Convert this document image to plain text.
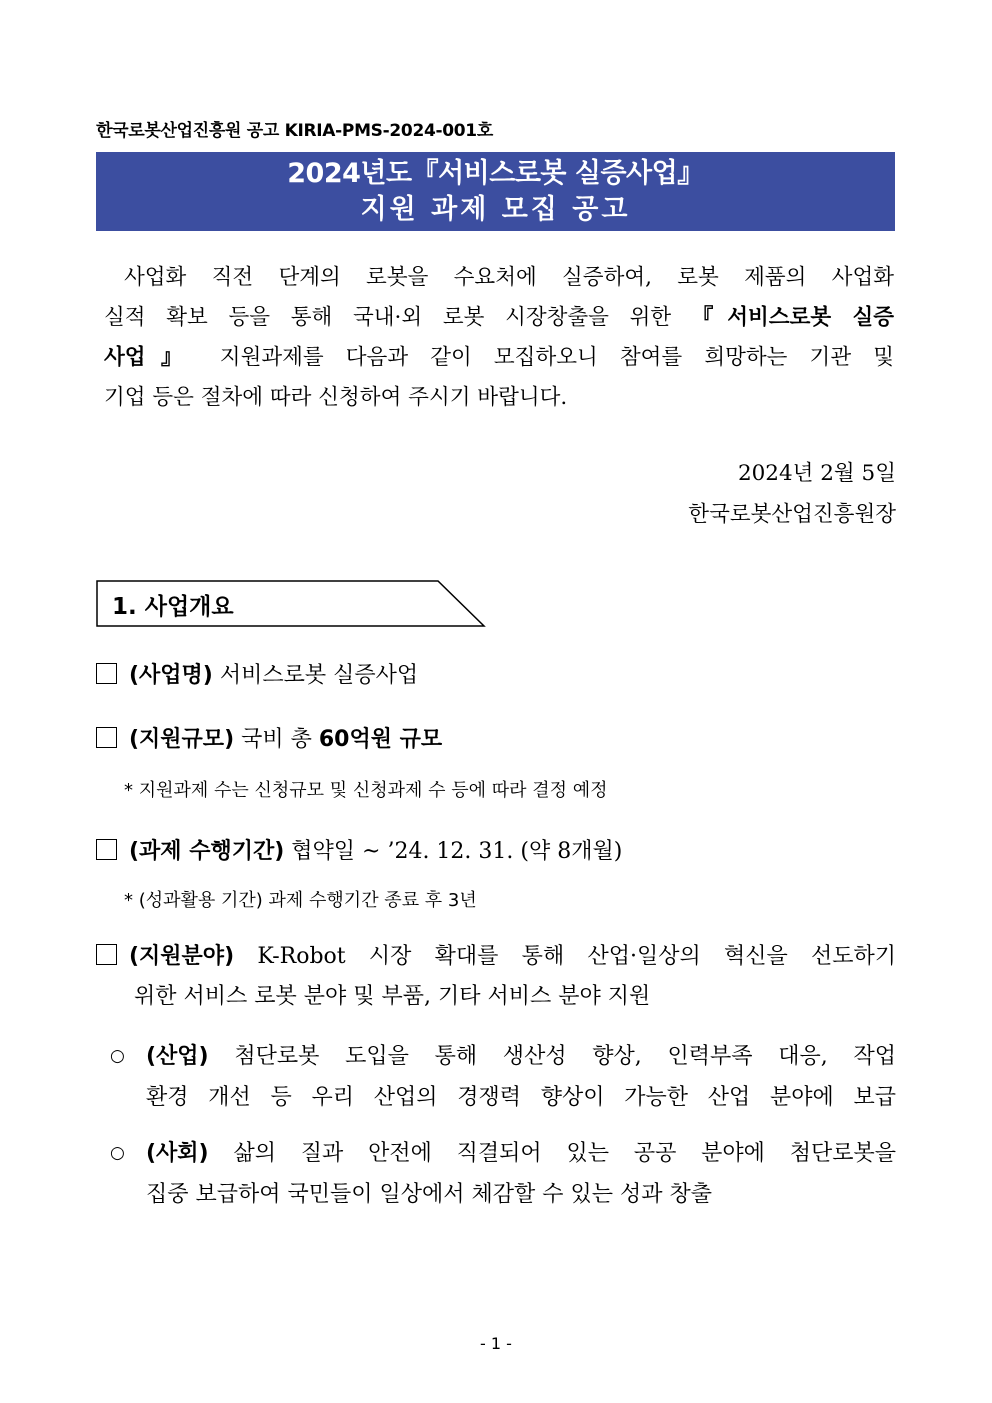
한국로봇산업진흥원 공고 KIRIA-PMS-2024-001호
2024년도『서비스로봇 실증사업』
지원 과제 모집 공고
사업화 직전 단계의 로봇을 수요처에 실증하여, 로봇 제품의 사업화
실적 확보 등을 통해 국내·외 로봇 시장창출을 위한 『서비스로봇 실증
사업』 지원과제를 다음과 같이 모집하오니 참여를 희망하는 기관 및
기업 등은 절차에 따라 신청하여 주시기 바랍니다.
2024년 2월 5일
한국로봇산업진흥원장
1. 사업개요
(사업명) 서비스로봇 실증사업
(지원규모) 국비 총 60억원 규모
* 지원과제 수는 신청규모 및 신청과제 수 등에 따라 결정 예정
(과제 수행기간) 협약일 ~ ’24. 12. 31. (약 8개월)
* (성과활용 기간) 과제 수행기간 종료 후 3년
(지원분야) K-Robot 시장 확대를 통해 산업·일상의 혁신을 선도하기
위한 서비스 로봇 분야 및 부품, 기타 서비스 분야 지원
○ (산업) 첨단로봇 도입을 통해 생산성 향상, 인력부족 대응, 작업
환경 개선 등 우리 산업의 경쟁력 향상이 가능한 산업 분야에 보급
○ (사회) 삶의 질과 안전에 직결되어 있는 공공 분야에 첨단로봇을
집중 보급하여 국민들이 일상에서 체감할 수 있는 성과 창출
- 1 -
